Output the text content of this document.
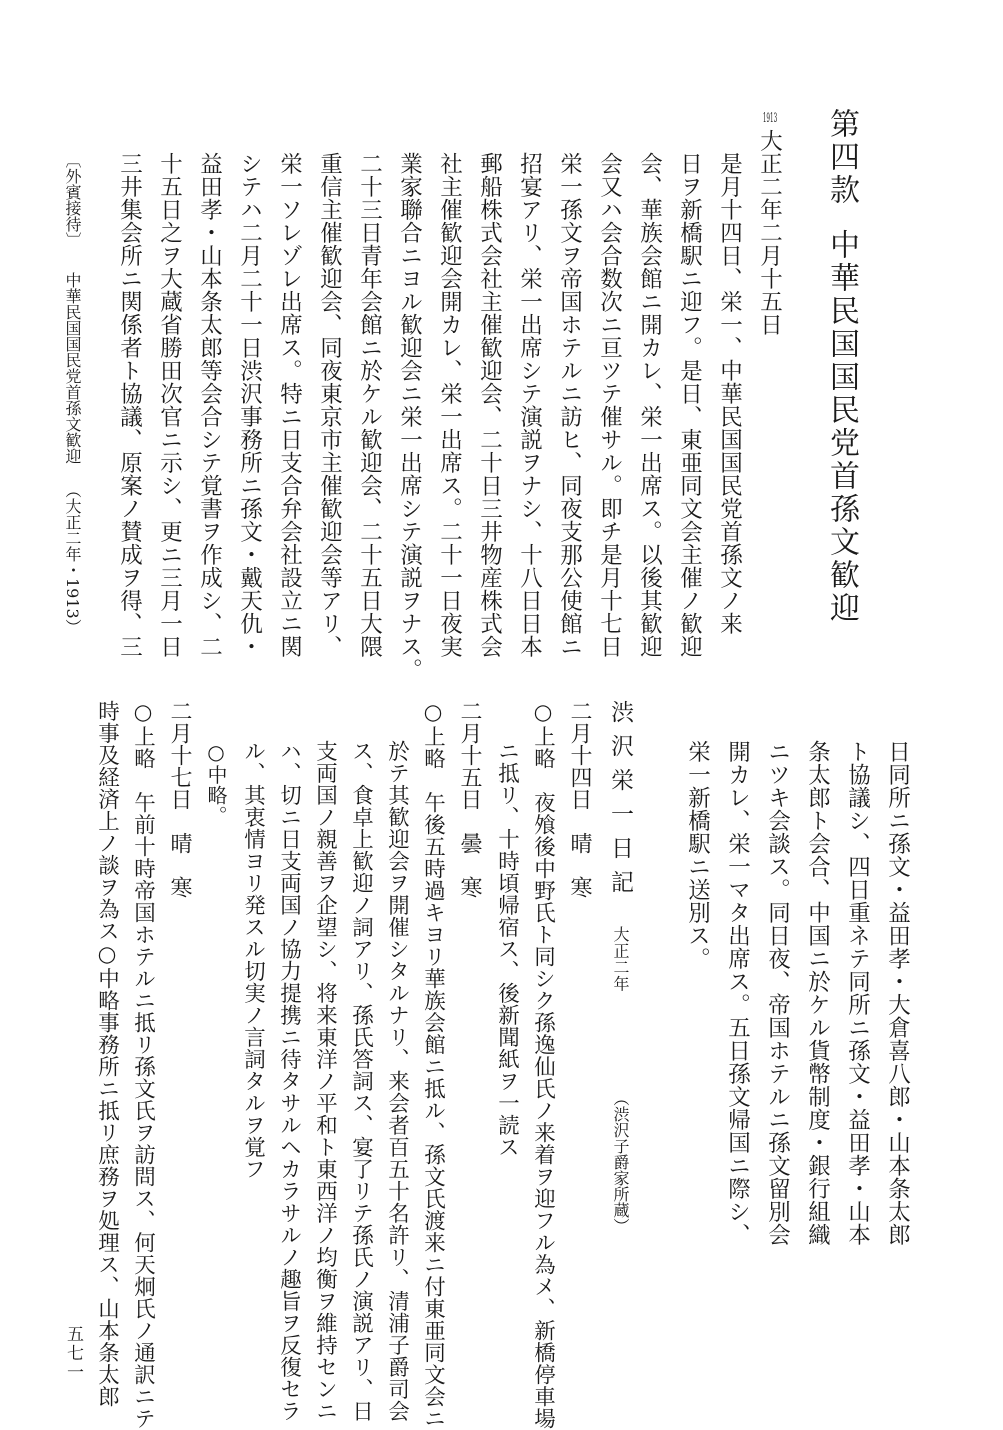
第四款中華民国国民党首孫文歓迎
1913大正二年二月十五日
是月十四日、栄一、中華民国国民党首孫文ノ来
日ヲ新橋駅ニ迎フ。是日、東亜同文会主催ノ歓迎
会、華族会館ニ開カレ、栄一出席ス。以後其歓迎
会又ハ会合数次ニ亘ツテ催サル。即チ是月十七日
栄一孫文ヲ帝国ホテルニ訪ヒ、同夜支那公使館ニ
招宴アリ、栄一出席シテ演説ヲナシ、十八日日本
郵船株式会社主催歓迎会、二十日三井物産株式会
社主催歓迎会開カレ、栄一出席ス。二十一日夜実
業家聯合ニヨル歓迎会ニ栄一出席シテ演説ヲナス。
二十三日青年会館ニ於ケル歓迎会、二十五日大隈
重信主催歓迎会、同夜東京市主催歓迎会等アリ、
栄一ソレゾレ出席ス。特ニ日支合弁会社設立ニ関
シテハ二月二十一日渋沢事務所ニ孫文・戴天仇・
益田孝・山本条太郎等会合シテ覚書ヲ作成シ、二
十五日之ヲ大蔵省勝田次官ニ示シ、更ニ三月一日
三井集会所ニ関係者ト協議、原案ノ賛成ヲ得、三
〔外賓接待〕中華民国国民党首孫文歓迎（大正二年・1913）
日同所ニ孫文・益田孝・大倉喜八郎・山本条太郎
ト協議シ、四日重ネテ同所ニ孫文・益田孝・山本
条太郎ト会合、中国ニ於ケル貨幣制度・銀行組織
ニツキ会談ス。同日夜、帝国ホテルニ孫文留別会
開カレ、栄一マタ出席ス。五日孫文帰国ニ際シ、
栄一新橋駅ニ送別ス。
渋沢栄一日記大正二年
（渋沢子爵家所蔵）
二月十四日　晴　寒
○上略　夜飧後中野氏ト同シク孫逸仙氏ノ来着ヲ迎フル為メ、新橋停車場
ニ抵リ、十時頃帰宿ス、後新聞紙ヲ一読ス
二月十五日　曇　寒
○上略　午後五時過キヨリ華族会館ニ抵ル、孫文氏渡来ニ付東亜同文会ニ
於テ其歓迎会ヲ開催シタルナリ、来会者百五十名許リ、清浦子爵司会
ス、食卓上歓迎ノ詞アリ、孫氏答詞ス、宴了リテ孫氏ノ演説アリ、日
支両国ノ親善ヲ企望シ、将来東洋ノ平和ト東西洋ノ均衡ヲ維持センニ
ハ、切ニ日支両国ノ協力提携ニ待タサルヘカラサルノ趣旨ヲ反復セラ
ル、其衷情ヨリ発スル切実ノ言詞タルヲ覚フ
○中略。
二月十七日　晴　寒
○上略　午前十時帝国ホテルニ抵リ孫文氏ヲ訪問ス、何天炯氏ノ通訳ニテ
時事及経済上ノ談ヲ為ス○中略事務所ニ抵リ庶務ヲ処理ス、山本条太郎
五七一
